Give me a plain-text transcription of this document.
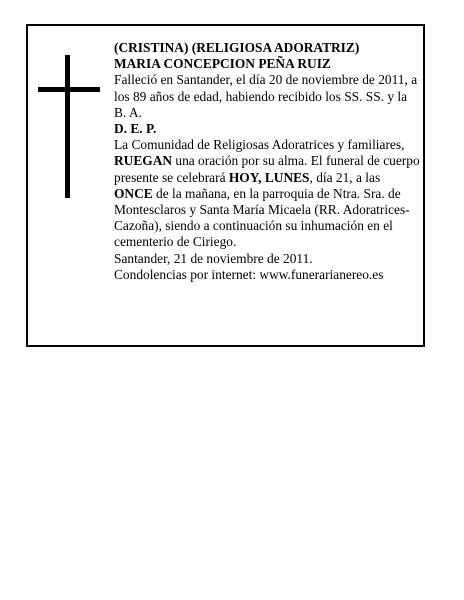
(CRISTINA) (RELIGIOSA ADORATRIZ)

MARIA CONCEPCION PEÑA RUIZ

Falleció en Santander, el día 20 de noviembre de 2011, a los 89 años de edad, habiendo recibido los SS. SS. y la B. A.

D. E. P.

La Comunidad de Religiosas Adoratrices y familiares,
RUEGAN una oración por su alma. El funeral de cuerpo presente se celebrará HOY, LUNES, día 21, a las ONCE de la mañana, en la parroquia de Ntra. Sra. de Montesclaros y Santa María Micaela (RR. Adoratrices-Cazoña), siendo a continuación su inhumación en el cementerio de Ciriego.

Santander, 21 de noviembre de 2011.

Condolencias por internet: www.funerarianereo.es
